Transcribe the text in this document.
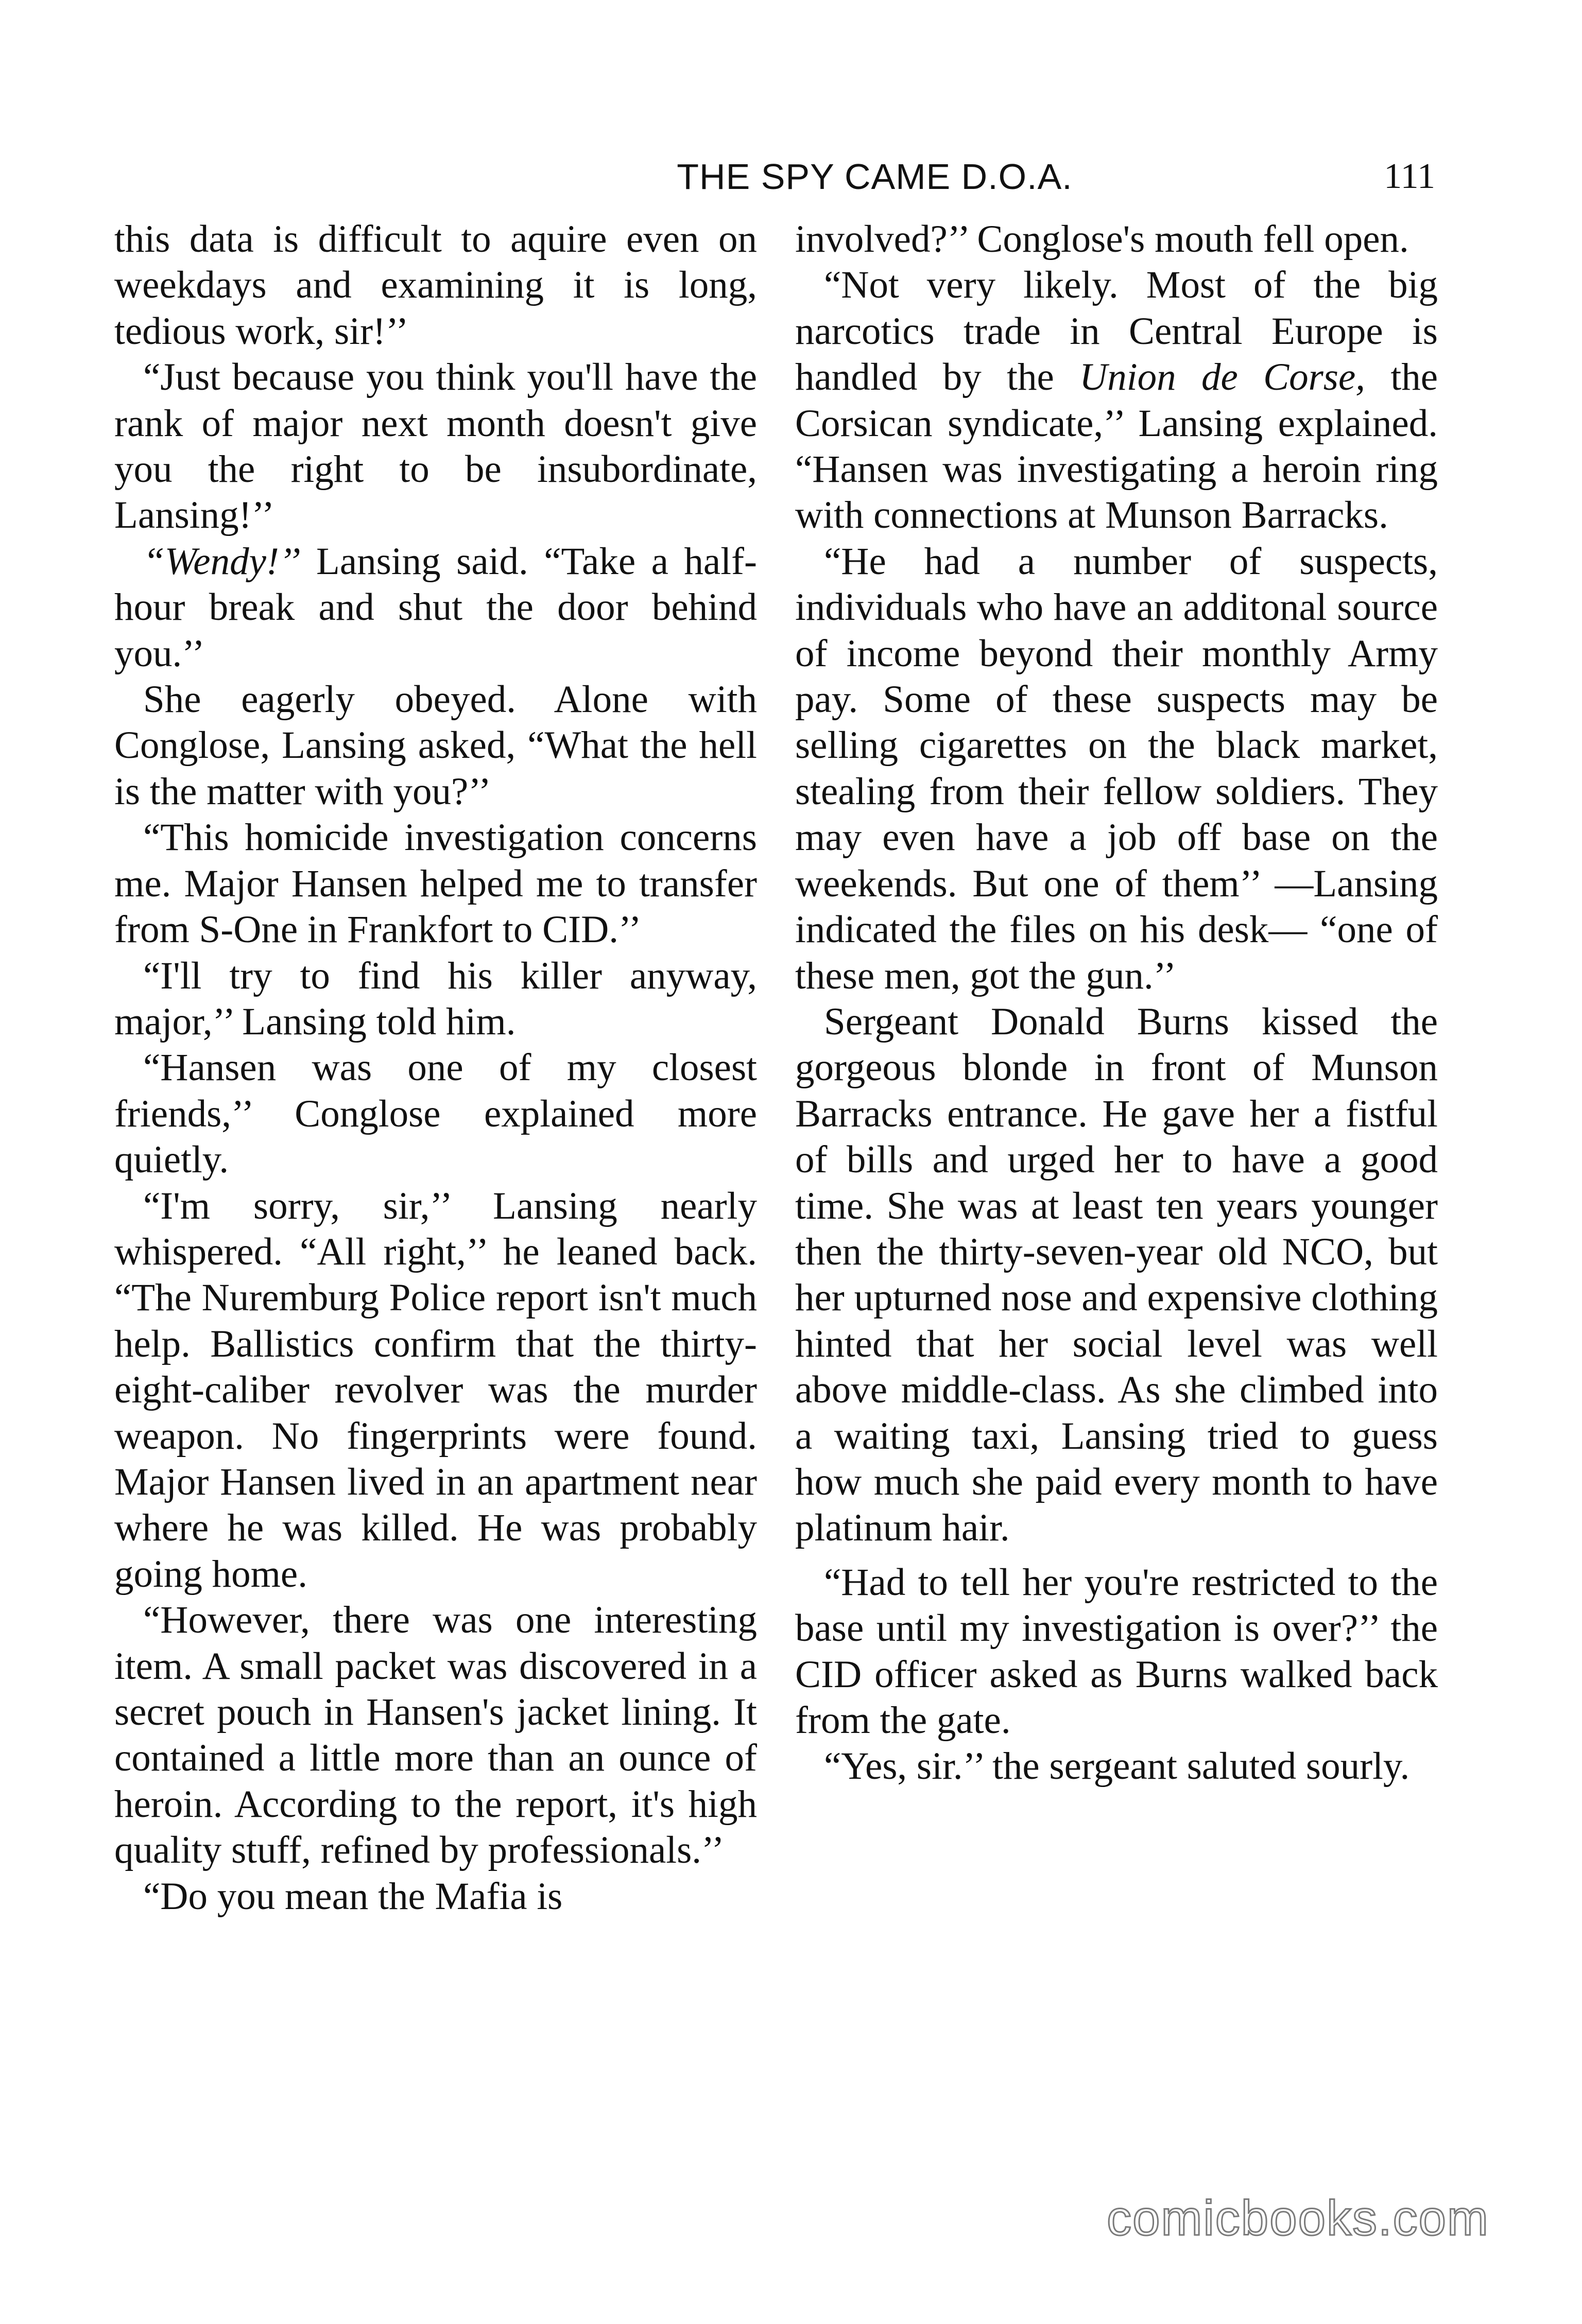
THE SPY CAME D.O.A.	111

this data is difficult to aquire even on weekdays and examining it is long, tedious work, sir!’’

“Just because you think you'll have the rank of major next month doesn't give you the right to be insubordinate, Lansing!’’

“Wendy!’’ Lansing said. “Take a half-hour break and shut the door behind you.’’

She eagerly obeyed. Alone with Conglose, Lansing asked, “What the hell is the matter with you?’’

“This homicide investigation concerns me. Major Hansen helped me to transfer from S-One in Frankfort to CID.’’

“I'll try to find his killer anyway, major,’’ Lansing told him.

“Hansen was one of my closest friends,’’ Conglose explained more quietly.

“I'm sorry, sir,’’ Lansing nearly whispered. “All right,’’ he leaned back. “The Nuremburg Police report isn't much help. Ballistics confirm that the thirty-eight-caliber revolver was the murder weapon. No fingerprints were found. Major Hansen lived in an apartment near where he was killed. He was probably going home.

“However, there was one interesting item. A small packet was discovered in a secret pouch in Hansen's jacket lining. It contained a little more than an ounce of heroin. According to the report, it's high quality stuff, refined by professionals.’’

“Do you mean the Mafia is

involved?’’ Conglose's mouth fell open.

“Not very likely. Most of the big narcotics trade in Central Europe is handled by the Union de Corse, the Corsican syndicate,’’ Lansing explained. “Hansen was investigating a heroin ring with connections at Munson Barracks.

“He had a number of suspects, individuals who have an additonal source of income beyond their monthly Army pay. Some of these suspects may be selling cigarettes on the black market, stealing from their fellow soldiers. They may even have a job off base on the weekends. But one of them’’ —Lansing indicated the files on his desk— “one of these men, got the gun.’’

Sergeant Donald Burns kissed the gorgeous blonde in front of Munson Barracks entrance. He gave her a fistful of bills and urged her to have a good time. She was at least ten years younger then the thirty-seven-year old NCO, but her upturned nose and expensive clothing hinted that her social level was well above middle-class. As she climbed into a waiting taxi, Lansing tried to guess how much she paid every month to have platinum hair.

“Had to tell her you're restricted to the base until my investigation is over?’’ the CID officer asked as Burns walked back from the gate.

“Yes, sir.’’ the sergeant saluted sourly.

comicbooks.com
